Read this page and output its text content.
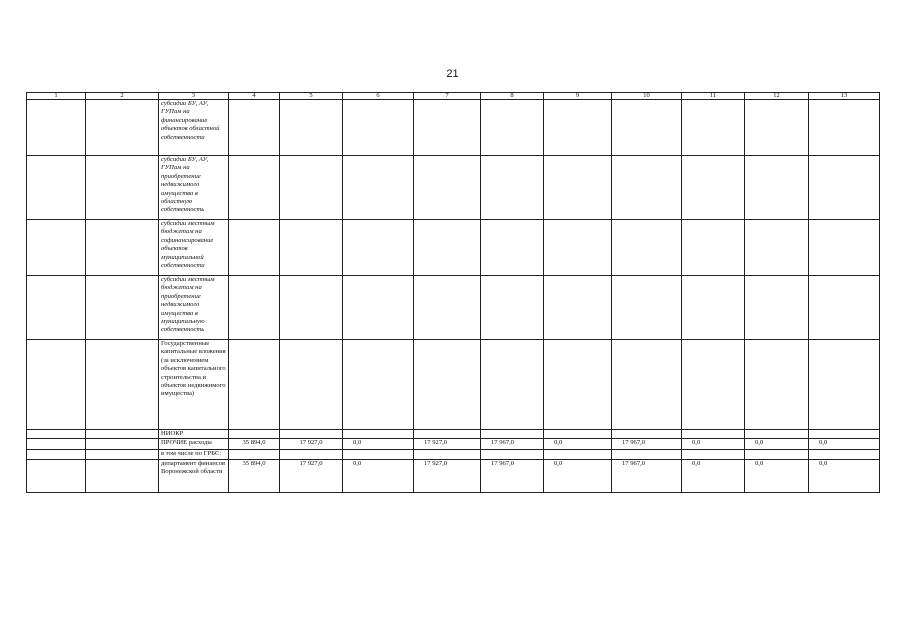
21
1	2	3	4	5	6	7	8	9	10	11	12	13
		субсидии БУ, АУ, ГУПам на финансирование объектов областной собственности										
		субсидии БУ, АУ, ГУПам на приобретение недвижимого имущества в областную собственность										
		субсидии местным бюджетам на софинансирование объектов муниципальной собственности										
		субсидии местным бюджетам на приобретение недвижимого имущества в муниципальную собственность										
		Государственные капитальные вложения (за исключением объектов капитального строительства и объектов недвижимого имущества)										
		НИОКР										
		ПРОЧИЕ расходы	35 894,0	17 927,0	0,0	17 927,0	17 967,0	0,0	17 967,0	0,0	0,0	0,0
		в том числе по ГРБС:										
		департамент финансов Воронежской области	35 894,0	17 927,0	0,0	17 927,0	17 967,0	0,0	17 967,0	0,0	0,0	0,0
